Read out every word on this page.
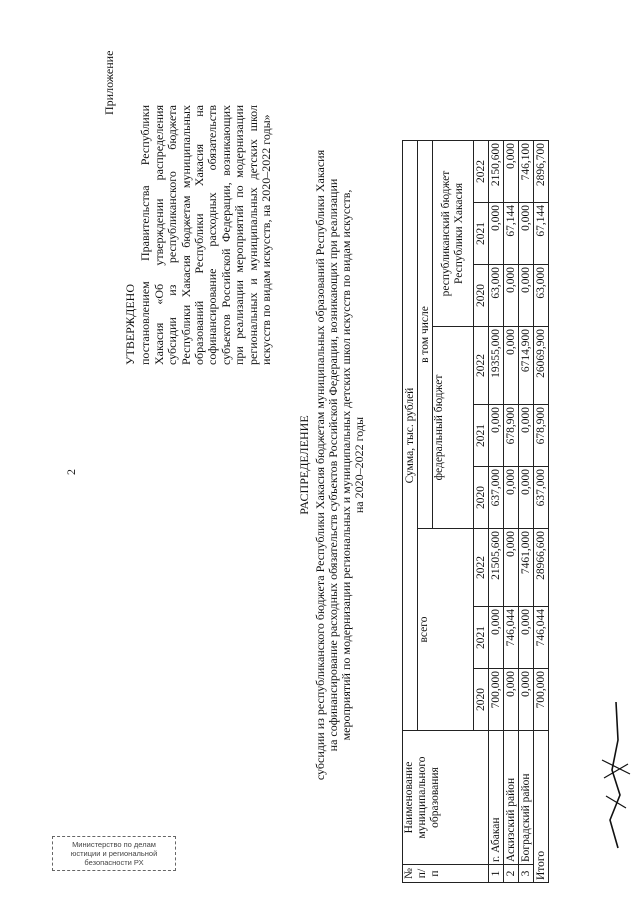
2
Приложение
УТВЕРЖДЕНО постановлением Правительства Республики Хакасия «Об утверждении распределения субсидии из республиканского бюджета Республики Хакасия бюджетам муниципальных образований Республики Хакасия на софинансирование расходных обязательств субъектов Российской Федерации, возникающих при реализации мероприятий по модернизации региональных и муниципальных детских школ искусств по видам искусств, на 2020–2022 годы»
РАСПРЕДЕЛЕНИЕ субсидии из республиканского бюджета Республики Хакасия бюджетам муниципальных образований Республики Хакасия на софинансирование расходных обязательств субъектов Российской Федерации, возникающих при реализации мероприятий по модернизации региональных и муниципальных детских школ искусств по видам искусств, на 2020–2022 годы
№ п/п	Наименование муниципального образования	Сумма, тыс. рублей								
		всего			в том числе					
					федеральный бюджет			республиканский бюджет Республики Хакасия		
		2020	2021	2022	2020	2021	2022	2020	2021	2022
1	г. Абакан	700,000	0,000	21505,600	637,000	0,000	19355,000	63,000	0,000	2150,600
2	Аскизский район	0,000	746,044	0,000	0,000	678,900	0,000	0,000	67,144	0,000
3	Боградский район	0,000	0,000	7461,000	0,000	0,000	6714,900	0,000	0,000	746,100
Итого		700,000	746,044	28966,600	637,000	678,900	26069,900	63,000	67,144	2896,700
Министерство по делам
юстиции и региональной
безопасности РХ
